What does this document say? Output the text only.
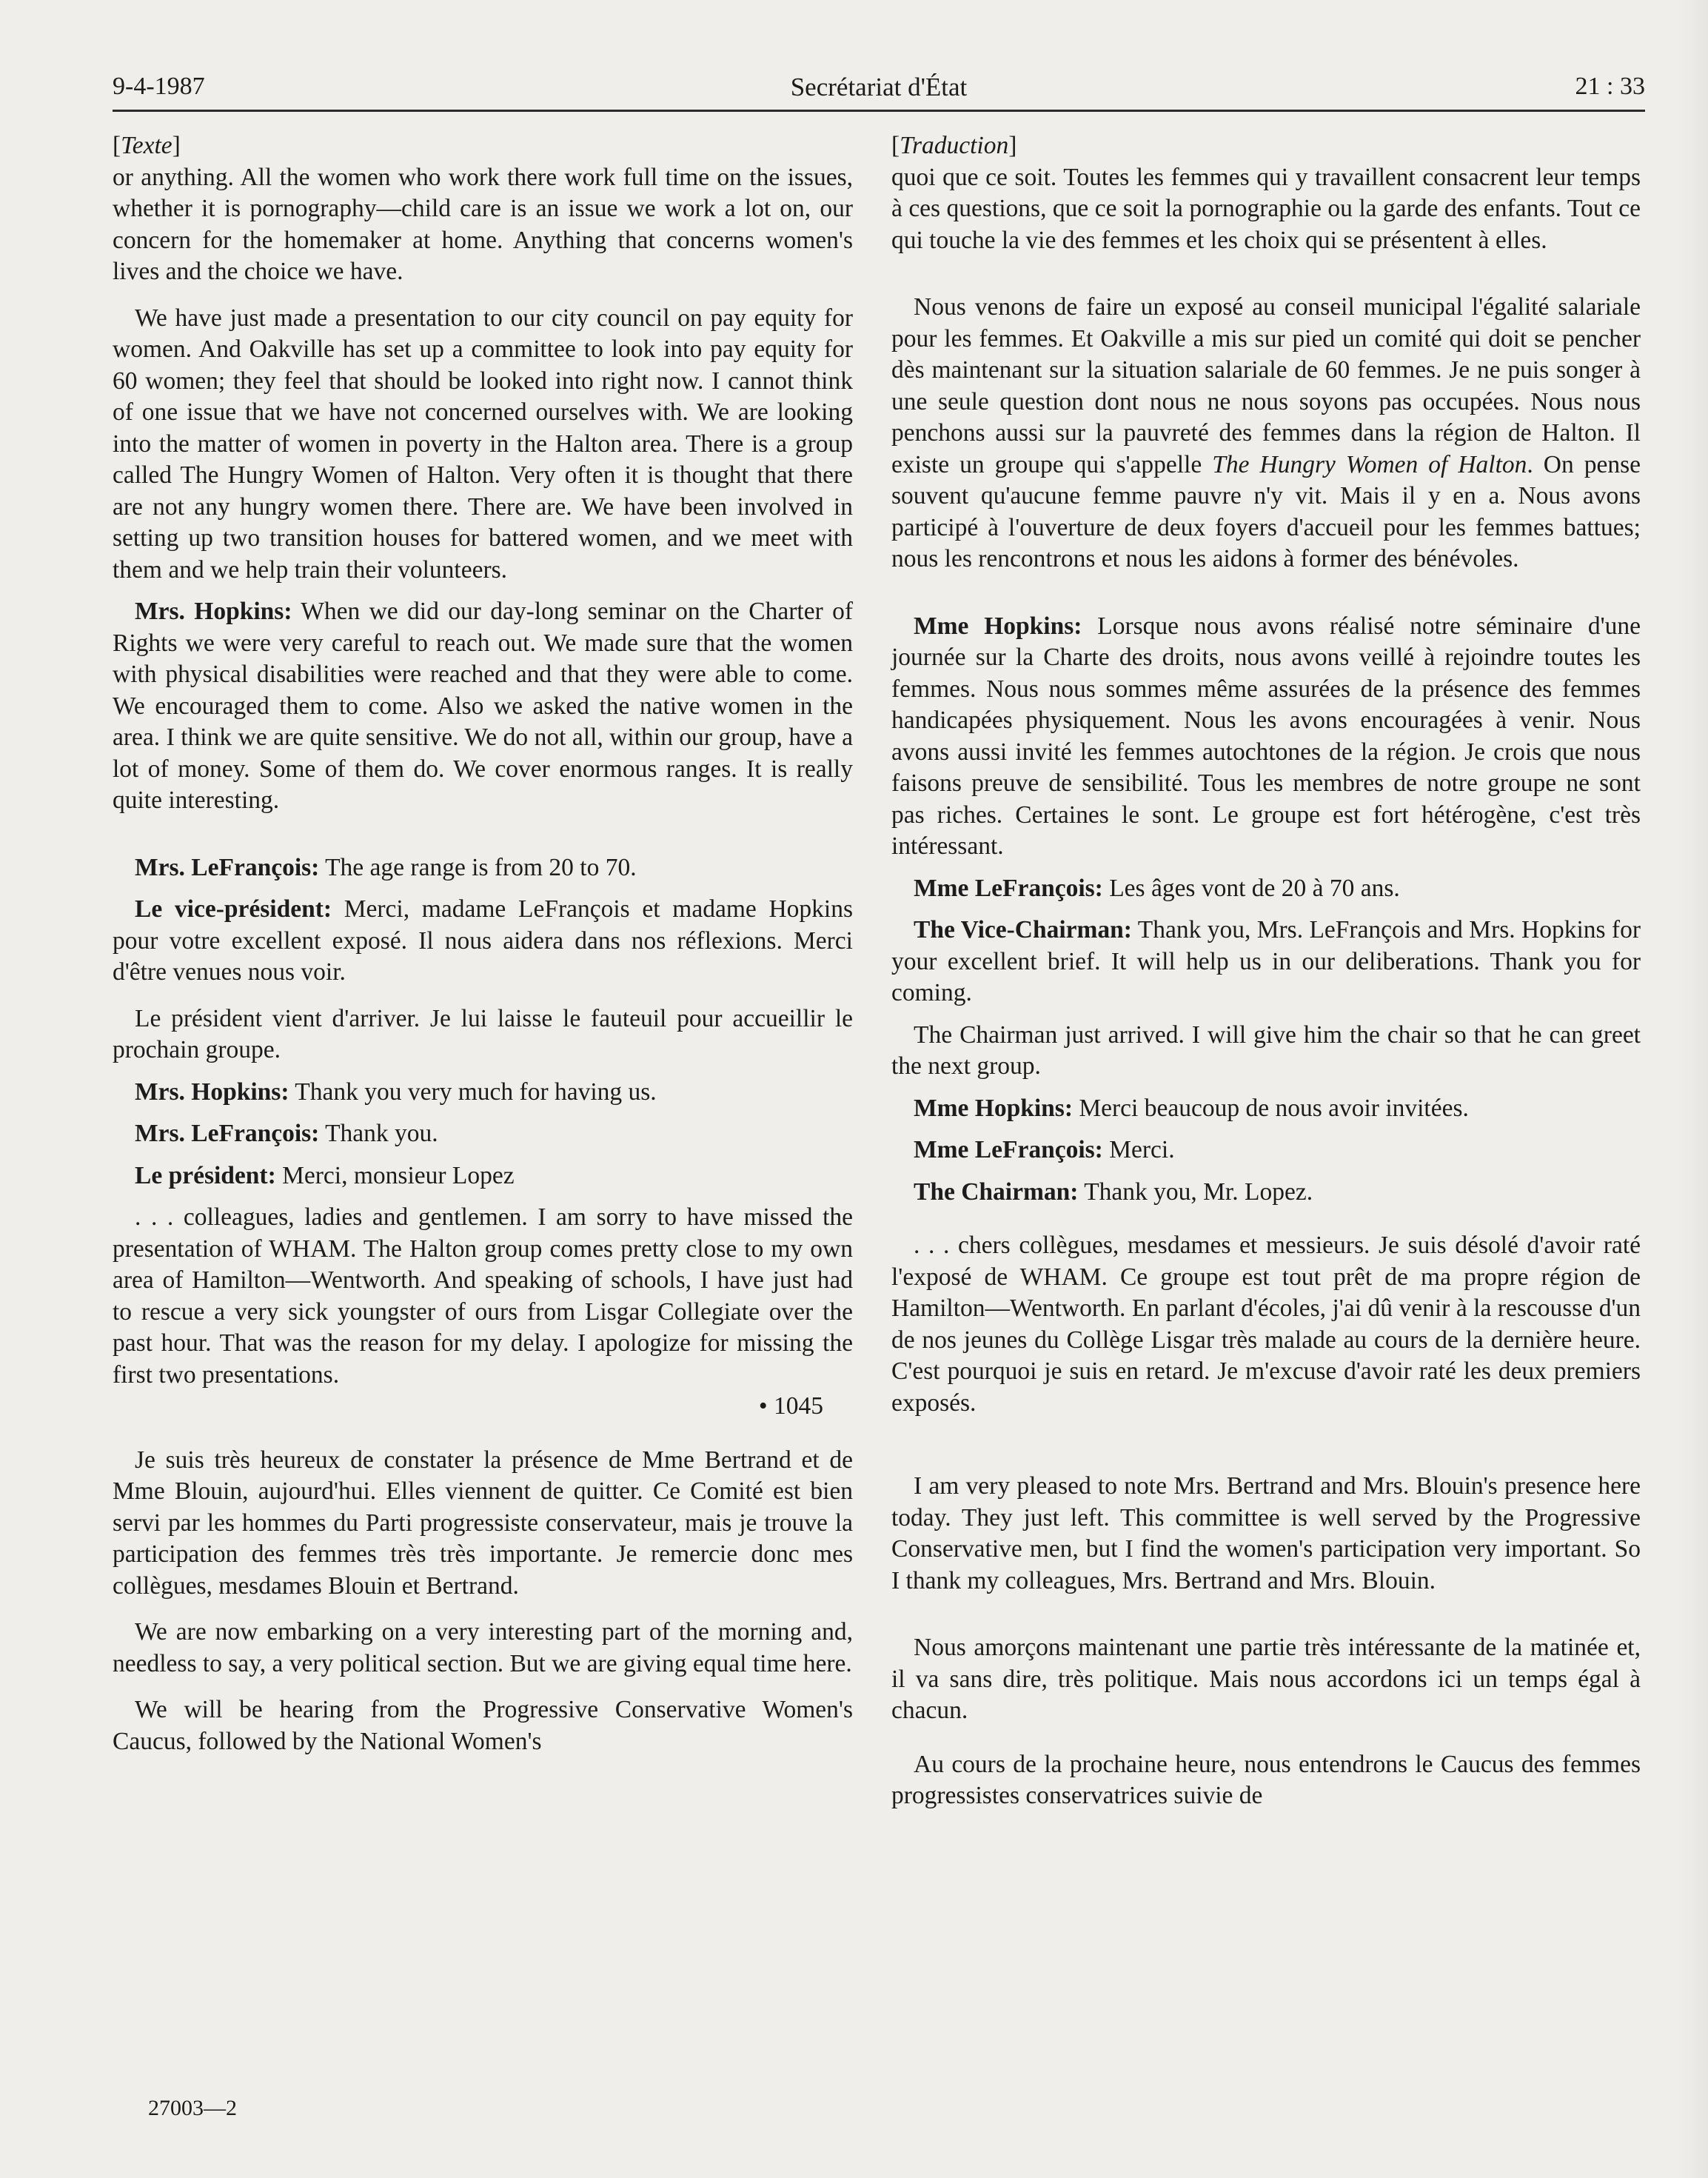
9-4-1987	Secrétariat d'État	21 : 33

[Texte]

or anything. All the women who work there work full time on the issues, whether it is pornography—child care is an issue we work a lot on, our concern for the homemaker at home. Anything that concerns women's lives and the choice we have.

We have just made a presentation to our city council on pay equity for women. And Oakville has set up a committee to look into pay equity for 60 women; they feel that should be looked into right now. I cannot think of one issue that we have not concerned ourselves with. We are looking into the matter of women in poverty in the Halton area. There is a group called The Hungry Women of Halton. Very often it is thought that there are not any hungry women there. There are. We have been involved in setting up two transition houses for battered women, and we meet with them and we help train their volunteers.

Mrs. Hopkins: When we did our day-long seminar on the Charter of Rights we were very careful to reach out. We made sure that the women with physical disabilities were reached and that they were able to come. We encouraged them to come. Also we asked the native women in the area. I think we are quite sensitive. We do not all, within our group, have a lot of money. Some of them do. We cover enormous ranges. It is really quite interesting.

Mrs. LeFrançois: The age range is from 20 to 70.

Le vice-président: Merci, madame LeFrançois et madame Hopkins pour votre excellent exposé. Il nous aidera dans nos réflexions. Merci d'être venues nous voir.

Le président vient d'arriver. Je lui laisse le fauteuil pour accueillir le prochain groupe.

Mrs. Hopkins: Thank you very much for having us.

Mrs. LeFrançois: Thank you.

Le président: Merci, monsieur Lopez

. . . colleagues, ladies and gentlemen. I am sorry to have missed the presentation of WHAM. The Halton group comes pretty close to my own area of Hamilton—Wentworth. And speaking of schools, I have just had to rescue a very sick youngster of ours from Lisgar Collegiate over the past hour. That was the reason for my delay. I apologize for missing the first two presentations.

• 1045

Je suis très heureux de constater la présence de Mme Bertrand et de Mme Blouin, aujourd'hui. Elles viennent de quitter. Ce Comité est bien servi par les hommes du Parti progressiste conservateur, mais je trouve la participation des femmes très très importante. Je remercie donc mes collègues, mesdames Blouin et Bertrand.

We are now embarking on a very interesting part of the morning and, needless to say, a very political section. But we are giving equal time here.

We will be hearing from the Progressive Conservative Women's Caucus, followed by the National Women's

[Traduction]

quoi que ce soit. Toutes les femmes qui y travaillent consacrent leur temps à ces questions, que ce soit la pornographie ou la garde des enfants. Tout ce qui touche la vie des femmes et les choix qui se présentent à elles.

Nous venons de faire un exposé au conseil municipal l'égalité salariale pour les femmes. Et Oakville a mis sur pied un comité qui doit se pencher dès maintenant sur la situation salariale de 60 femmes. Je ne puis songer à une seule question dont nous ne nous soyons pas occupées. Nous nous penchons aussi sur la pauvreté des femmes dans la région de Halton. Il existe un groupe qui s'appelle The Hungry Women of Halton. On pense souvent qu'aucune femme pauvre n'y vit. Mais il y en a. Nous avons participé à l'ouverture de deux foyers d'accueil pour les femmes battues; nous les rencontrons et nous les aidons à former des bénévoles.

Mme Hopkins: Lorsque nous avons réalisé notre séminaire d'une journée sur la Charte des droits, nous avons veillé à rejoindre toutes les femmes. Nous nous sommes même assurées de la présence des femmes handicapées physiquement. Nous les avons encouragées à venir. Nous avons aussi invité les femmes autochtones de la région. Je crois que nous faisons preuve de sensibilité. Tous les membres de notre groupe ne sont pas riches. Certaines le sont. Le groupe est fort hétérogène, c'est très intéressant.

Mme LeFrançois: Les âges vont de 20 à 70 ans.

The Vice-Chairman: Thank you, Mrs. LeFrançois and Mrs. Hopkins for your excellent brief. It will help us in our deliberations. Thank you for coming.

The Chairman just arrived. I will give him the chair so that he can greet the next group.

Mme Hopkins: Merci beaucoup de nous avoir invitées.

Mme LeFrançois: Merci.

The Chairman: Thank you, Mr. Lopez.

. . . chers collègues, mesdames et messieurs. Je suis désolé d'avoir raté l'exposé de WHAM. Ce groupe est tout prêt de ma propre région de Hamilton—Wentworth. En parlant d'écoles, j'ai dû venir à la rescousse d'un de nos jeunes du Collège Lisgar très malade au cours de la dernière heure. C'est pourquoi je suis en retard. Je m'excuse d'avoir raté les deux premiers exposés.

I am very pleased to note Mrs. Bertrand and Mrs. Blouin's presence here today. They just left. This committee is well served by the Progressive Conservative men, but I find the women's participation very important. So I thank my colleagues, Mrs. Bertrand and Mrs. Blouin.

Nous amorçons maintenant une partie très intéressante de la matinée et, il va sans dire, très politique. Mais nous accordons ici un temps égal à chacun.

Au cours de la prochaine heure, nous entendrons le Caucus des femmes progressistes conservatrices suivie de

27003—2
